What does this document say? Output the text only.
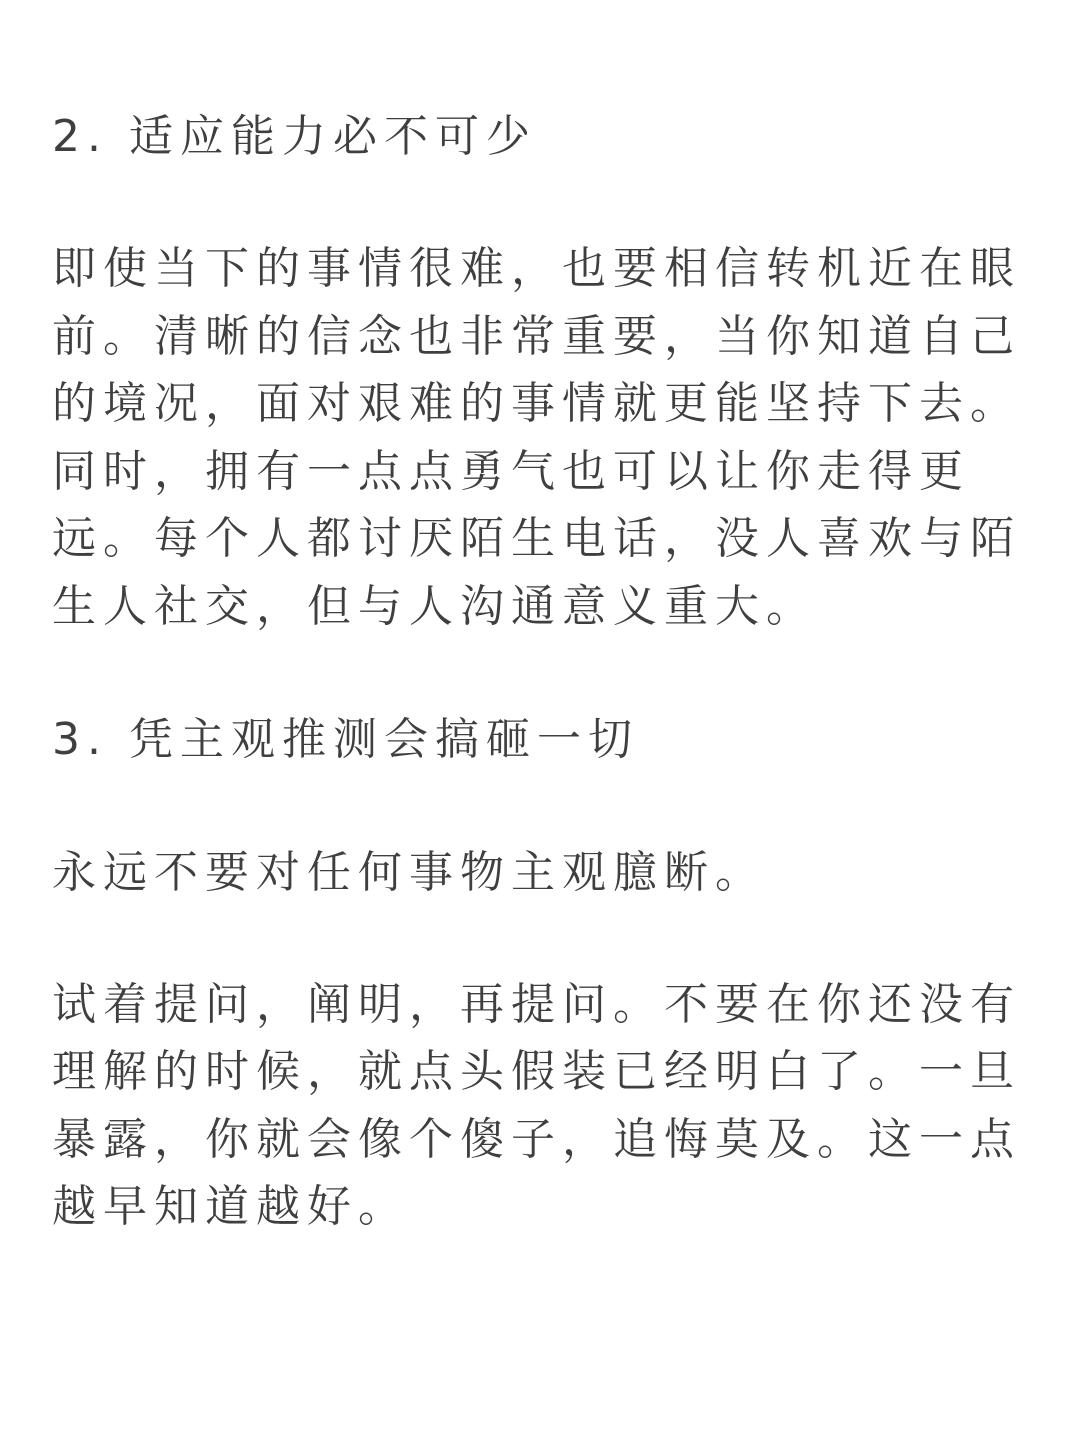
2. 适应能力必不可少
即使当下的事情很难，也要相信转机近在眼
前。清晰的信念也非常重要，当你知道自己
的境况，面对艰难的事情就更能坚持下去。
同时，拥有一点点勇气也可以让你走得更
远。每个人都讨厌陌生电话，没人喜欢与陌
生人社交，但与人沟通意义重大。
3. 凭主观推测会搞砸一切
永远不要对任何事物主观臆断。
试着提问，阐明，再提问。不要在你还没有
理解的时候，就点头假装已经明白了。一旦
暴露，你就会像个傻子，追悔莫及。这一点
越早知道越好。
